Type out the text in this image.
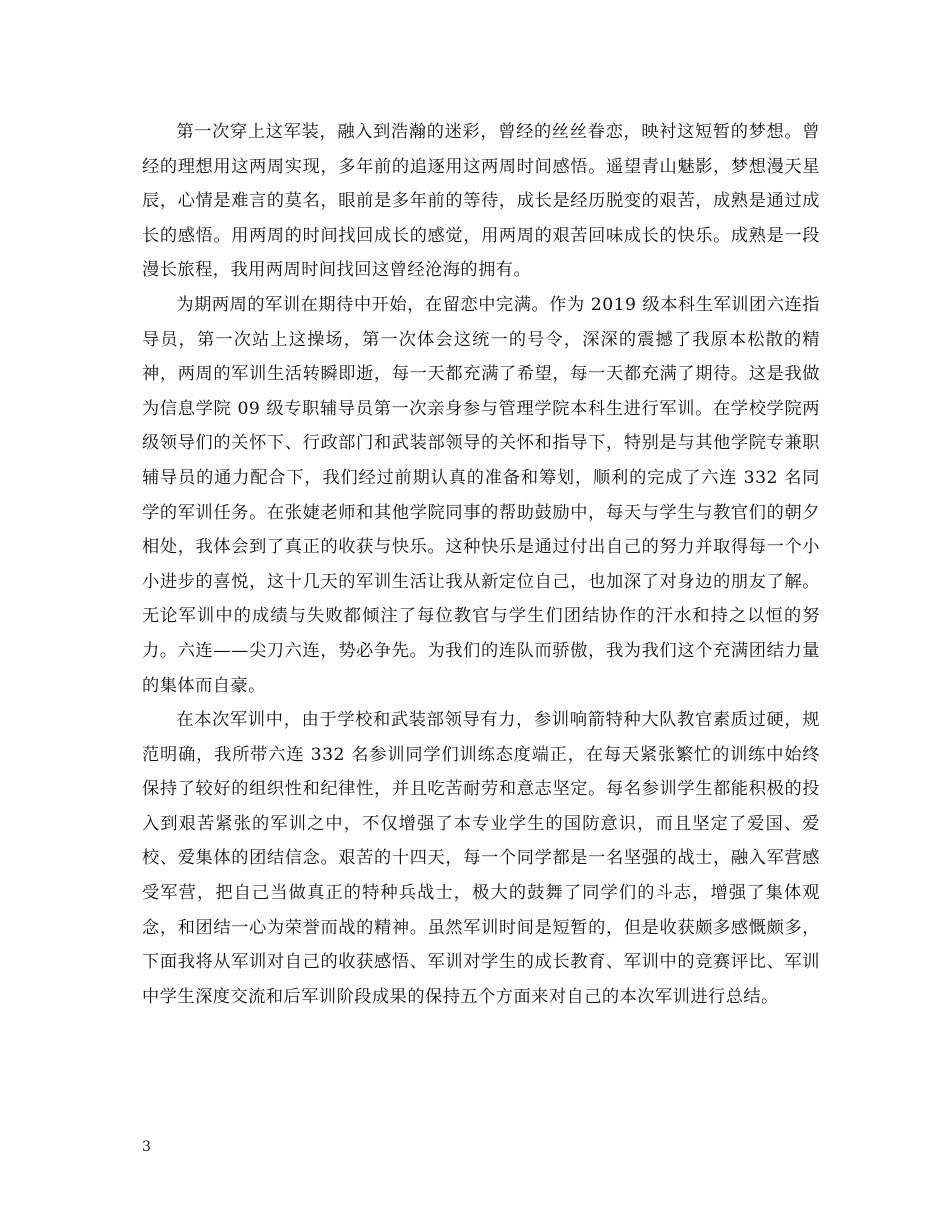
第一次穿上这军装，融入到浩瀚的迷彩，曾经的丝丝眷恋，映衬这短暂的梦想。曾经的理想用这两周实现，多年前的追逐用这两周时间感悟。遥望青山魅影，梦想漫天星辰，心情是难言的莫名，眼前是多年前的等待，成长是经历脱变的艰苦，成熟是通过成长的感悟。用两周的时间找回成长的感觉，用两周的艰苦回味成长的快乐。成熟是一段漫长旅程，我用两周时间找回这曾经沧海的拥有。

为期两周的军训在期待中开始，在留恋中完满。作为 2019 级本科生军训团六连指导员，第一次站上这操场，第一次体会这统一的号令，深深的震撼了我原本松散的精神，两周的军训生活转瞬即逝，每一天都充满了希望，每一天都充满了期待。这是我做为信息学院 09 级专职辅导员第一次亲身参与管理学院本科生进行军训。在学校学院两级领导们的关怀下、行政部门和武装部领导的关怀和指导下，特别是与其他学院专兼职辅导员的通力配合下，我们经过前期认真的准备和筹划，顺利的完成了六连 332 名同学的军训任务。在张婕老师和其他学院同事的帮助鼓励中，每天与学生与教官们的朝夕相处，我体会到了真正的收获与快乐。这种快乐是通过付出自己的努力并取得每一个小小进步的喜悦，这十几天的军训生活让我从新定位自己，也加深了对身边的朋友了解。无论军训中的成绩与失败都倾注了每位教官与学生们团结协作的汗水和持之以恒的努力。六连——尖刀六连，势必争先。为我们的连队而骄傲，我为我们这个充满团结力量的集体而自豪。

在本次军训中，由于学校和武装部领导有力，参训响箭特种大队教官素质过硬，规范明确，我所带六连 332 名参训同学们训练态度端正，在每天紧张繁忙的训练中始终保持了较好的组织性和纪律性，并且吃苦耐劳和意志坚定。每名参训学生都能积极的投入到艰苦紧张的军训之中，不仅增强了本专业学生的国防意识，而且坚定了爱国、爱校、爱集体的团结信念。艰苦的十四天，每一个同学都是一名坚强的战士，融入军营感受军营，把自己当做真正的特种兵战士，极大的鼓舞了同学们的斗志，增强了集体观念，和团结一心为荣誉而战的精神。虽然军训时间是短暂的，但是收获颇多感慨颇多，下面我将从军训对自己的收获感悟、军训对学生的成长教育、军训中的竞赛评比、军训中学生深度交流和后军训阶段成果的保持五个方面来对自己的本次军训进行总结。

3
